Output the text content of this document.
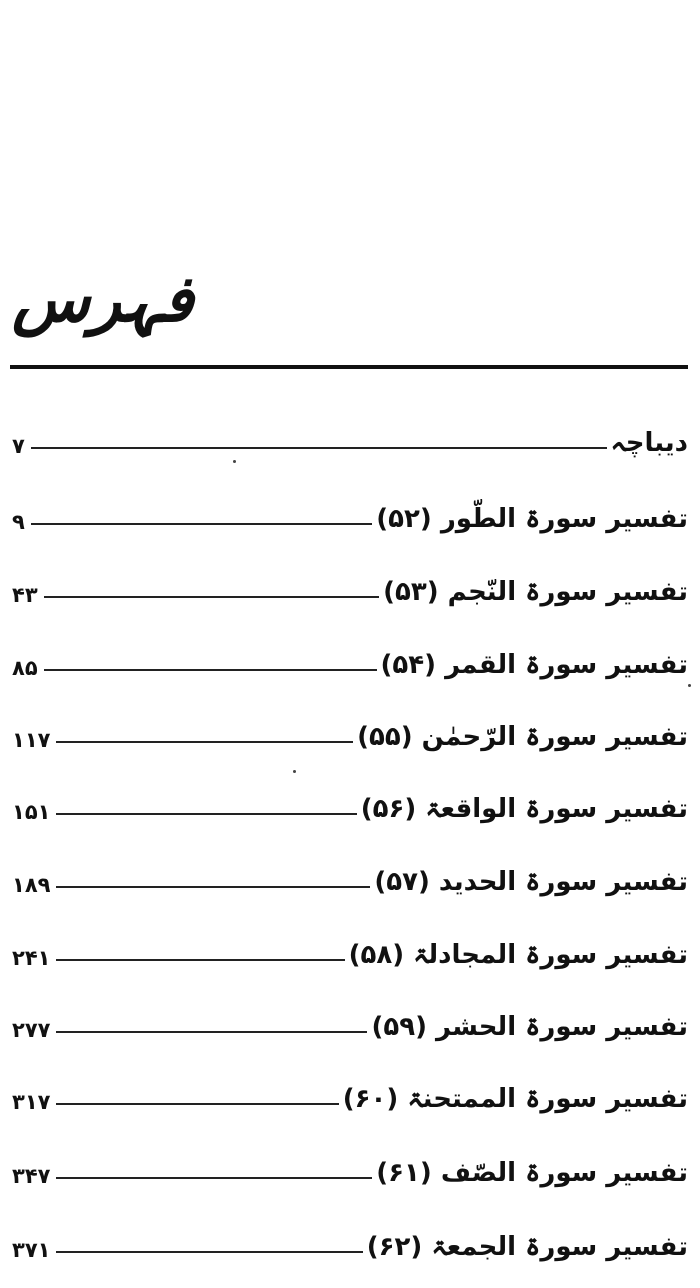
فہرس
۷	دیباچہ
۹	تفسیر سورۃ الطّور (۵۲)
۴۳	تفسیر سورۃ النّجم (۵۳)
۸۵	تفسیر سورۃ القمر (۵۴)
۱۱۷	تفسیر سورۃ الرّحمٰن (۵۵)
۱۵۱	تفسیر سورۃ الواقعۃ (۵۶)
۱۸۹	تفسیر سورۃ الحدید (۵۷)
۲۴۱	تفسیر سورۃ المجادلۃ (۵۸)
۲۷۷	تفسیر سورۃ الحشر (۵۹)
۳۱۷	تفسیر سورۃ الممتحنۃ (۶۰)
۳۴۷	تفسیر سورۃ الصّف (۶۱)
۳۷۱	تفسیر سورۃ الجمعۃ (۶۲)
